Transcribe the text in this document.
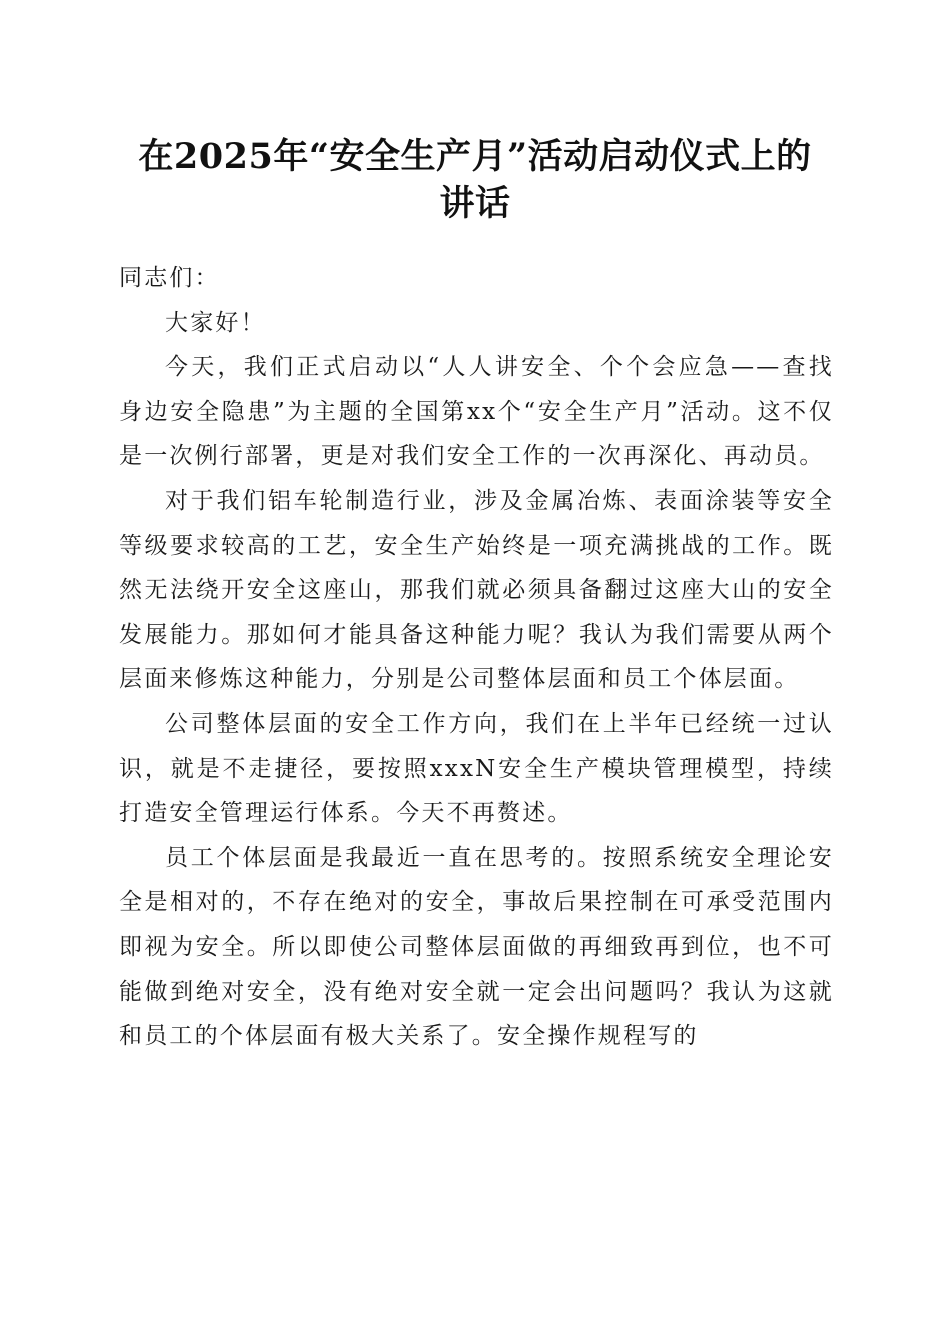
在2025年“安全生产月”活动启动仪式上的
讲话

同志们：

大家好！

今天，我们正式启动以“人人讲安全、个个会应急——查找身边安全隐患”为主题的全国第xx个“安全生产月”活动。这不仅是一次例行部署，更是对我们安全工作的一次再深化、再动员。

对于我们铝车轮制造行业，涉及金属冶炼、表面涂装等安全等级要求较高的工艺，安全生产始终是一项充满挑战的工作。既然无法绕开安全这座山，那我们就必须具备翻过这座大山的安全发展能力。那如何才能具备这种能力呢？我认为我们需要从两个层面来修炼这种能力，分别是公司整体层面和员工个体层面。

公司整体层面的安全工作方向，我们在上半年已经统一过认识，就是不走捷径，要按照xxxN安全生产模块管理模型，持续打造安全管理运行体系。今天不再赘述。

员工个体层面是我最近一直在思考的。按照系统安全理论安全是相对的，不存在绝对的安全，事故后果控制在可承受范围内即视为安全。所以即使公司整体层面做的再细致再到位，也不可能做到绝对安全，没有绝对安全就一定会出问题吗？我认为这就和员工的个体层面有极大关系了。安全操作规程写的
